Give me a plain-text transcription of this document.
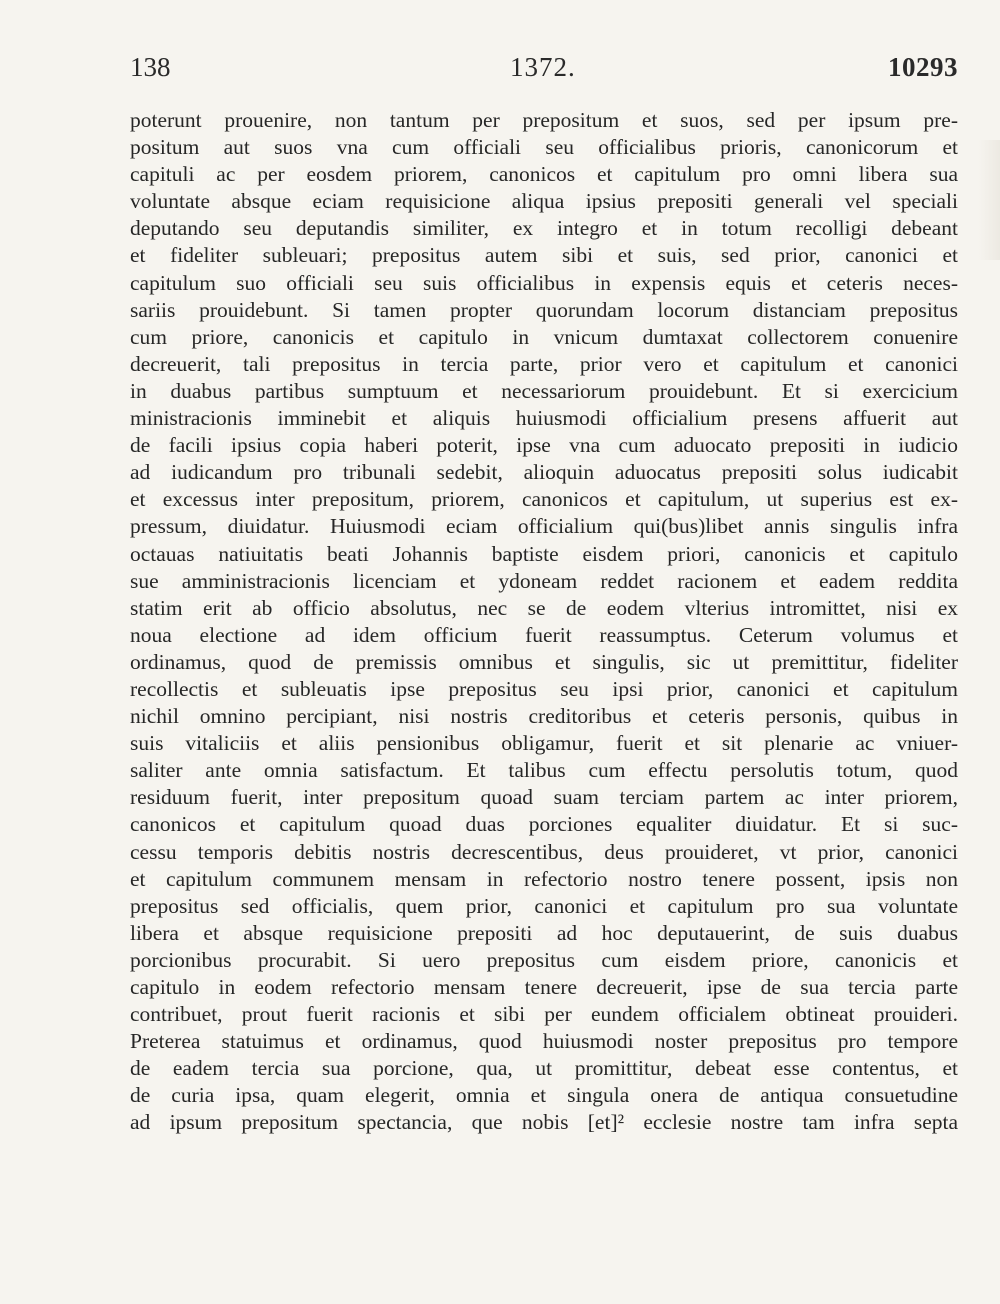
138	1372.	10293
poterunt prouenire, non tantum per prepositum et suos, sed per ipsum pre-
positum aut suos vna cum officiali seu officialibus prioris, canonicorum et
capituli ac per eosdem priorem, canonicos et capitulum pro omni libera sua
voluntate absque eciam requisicione aliqua ipsius prepositi generali vel speciali
deputando seu deputandis similiter, ex integro et in totum recolligi debeant
et fideliter subleuari; prepositus autem sibi et suis, sed prior, canonici et
capitulum suo officiali seu suis officialibus in expensis equis et ceteris neces-
sariis prouidebunt. Si tamen propter quorundam locorum distanciam prepositus
cum priore, canonicis et capitulo in vnicum dumtaxat collectorem conuenire
decreuerit, tali prepositus in tercia parte, prior vero et capitulum et canonici
in duabus partibus sumptuum et necessariorum prouidebunt. Et si exercicium
ministracionis imminebit et aliquis huiusmodi officialium presens affuerit aut
de facili ipsius copia haberi poterit, ipse vna cum aduocato prepositi in iudicio
ad iudicandum pro tribunali sedebit, alioquin aduocatus prepositi solus iudicabit
et excessus inter prepositum, priorem, canonicos et capitulum, ut superius est ex-
pressum, diuidatur. Huiusmodi eciam officialium qui(bus)libet annis singulis infra
octauas natiuitatis beati Johannis baptiste eisdem priori, canonicis et capitulo
sue amministracionis licenciam et ydoneam reddet racionem et eadem reddita
statim erit ab officio absolutus, nec se de eodem vlterius intromittet, nisi ex
noua electione ad idem officium fuerit reassumptus. Ceterum volumus et
ordinamus, quod de premissis omnibus et singulis, sic ut premittitur, fideliter
recollectis et subleuatis ipse prepositus seu ipsi prior, canonici et capitulum
nichil omnino percipiant, nisi nostris creditoribus et ceteris personis, quibus in
suis vitaliciis et aliis pensionibus obligamur, fuerit et sit plenarie ac vniuer-
saliter ante omnia satisfactum. Et talibus cum effectu persolutis totum, quod
residuum fuerit, inter prepositum quoad suam terciam partem ac inter priorem,
canonicos et capitulum quoad duas porciones equaliter diuidatur. Et si suc-
cessu temporis debitis nostris decrescentibus, deus prouideret, vt prior, canonici
et capitulum communem mensam in refectorio nostro tenere possent, ipsis non
prepositus sed officialis, quem prior, canonici et capitulum pro sua voluntate
libera et absque requisicione prepositi ad hoc deputauerint, de suis duabus
porcionibus procurabit. Si uero prepositus cum eisdem priore, canonicis et
capitulo in eodem refectorio mensam tenere decreuerit, ipse de sua tercia parte
contribuet, prout fuerit racionis et sibi per eundem officialem obtineat prouideri.
Preterea statuimus et ordinamus, quod huiusmodi noster prepositus pro tempore
de eadem tercia sua porcione, qua, ut promittitur, debeat esse contentus, et
de curia ipsa, quam elegerit, omnia et singula onera de antiqua consuetudine
ad ipsum prepositum spectancia, que nobis [et]² ecclesie nostre tam infra septa
